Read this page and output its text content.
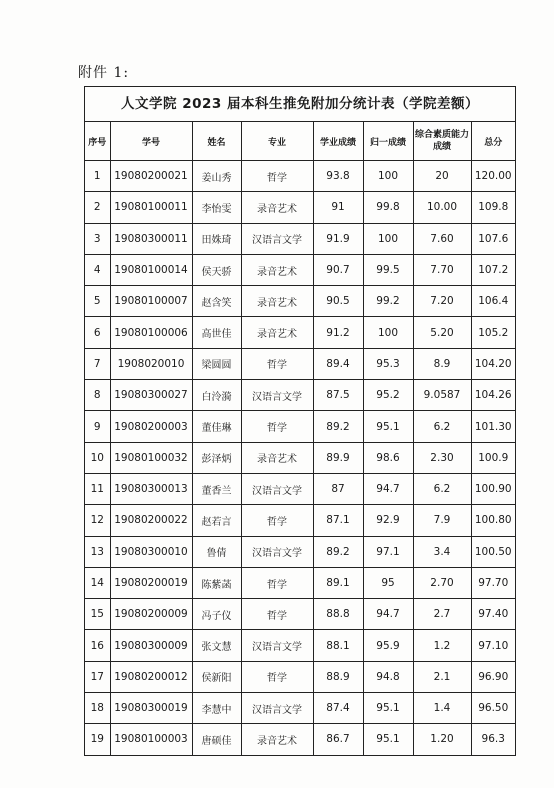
附件 1:
人文学院 2023 届本科生推免附加分统计表（学院差额）
序号	学号	姓名	专业	学业成绩	归一成绩	综合素质能力成绩	总分
1	19080200021	姜山秀	哲学	93.8	100	20	120.00
2	19080100011	李怡雯	录音艺术	91	99.8	10.00	109.8
3	19080300011	田姝琦	汉语言文学	91.9	100	7.60	107.6
4	19080100014	侯天骄	录音艺术	90.7	99.5	7.70	107.2
5	19080100007	赵含笑	录音艺术	90.5	99.2	7.20	106.4
6	19080100006	高世佳	录音艺术	91.2	100	5.20	105.2
7	1908020010	梁圆圆	哲学	89.4	95.3	8.9	104.20
8	19080300027	白泠漪	汉语言文学	87.5	95.2	9.0587	104.26
9	19080200003	董佳琳	哲学	89.2	95.1	6.2	101.30
10	19080100032	彭泽炳	录音艺术	89.9	98.6	2.30	100.9
11	19080300013	董香兰	汉语言文学	87	94.7	6.2	100.90
12	19080200022	赵若言	哲学	87.1	92.9	7.9	100.80
13	19080300010	鲁倩	汉语言文学	89.2	97.1	3.4	100.50
14	19080200019	陈紫菡	哲学	89.1	95	2.70	97.70
15	19080200009	冯子仪	哲学	88.8	94.7	2.7	97.40
16	19080300009	张文慧	汉语言文学	88.1	95.9	1.2	97.10
17	19080200012	侯新阳	哲学	88.9	94.8	2.1	96.90
18	19080300019	李慧中	汉语言文学	87.4	95.1	1.4	96.50
19	19080100003	唐硕佳	录音艺术	86.7	95.1	1.20	96.3
